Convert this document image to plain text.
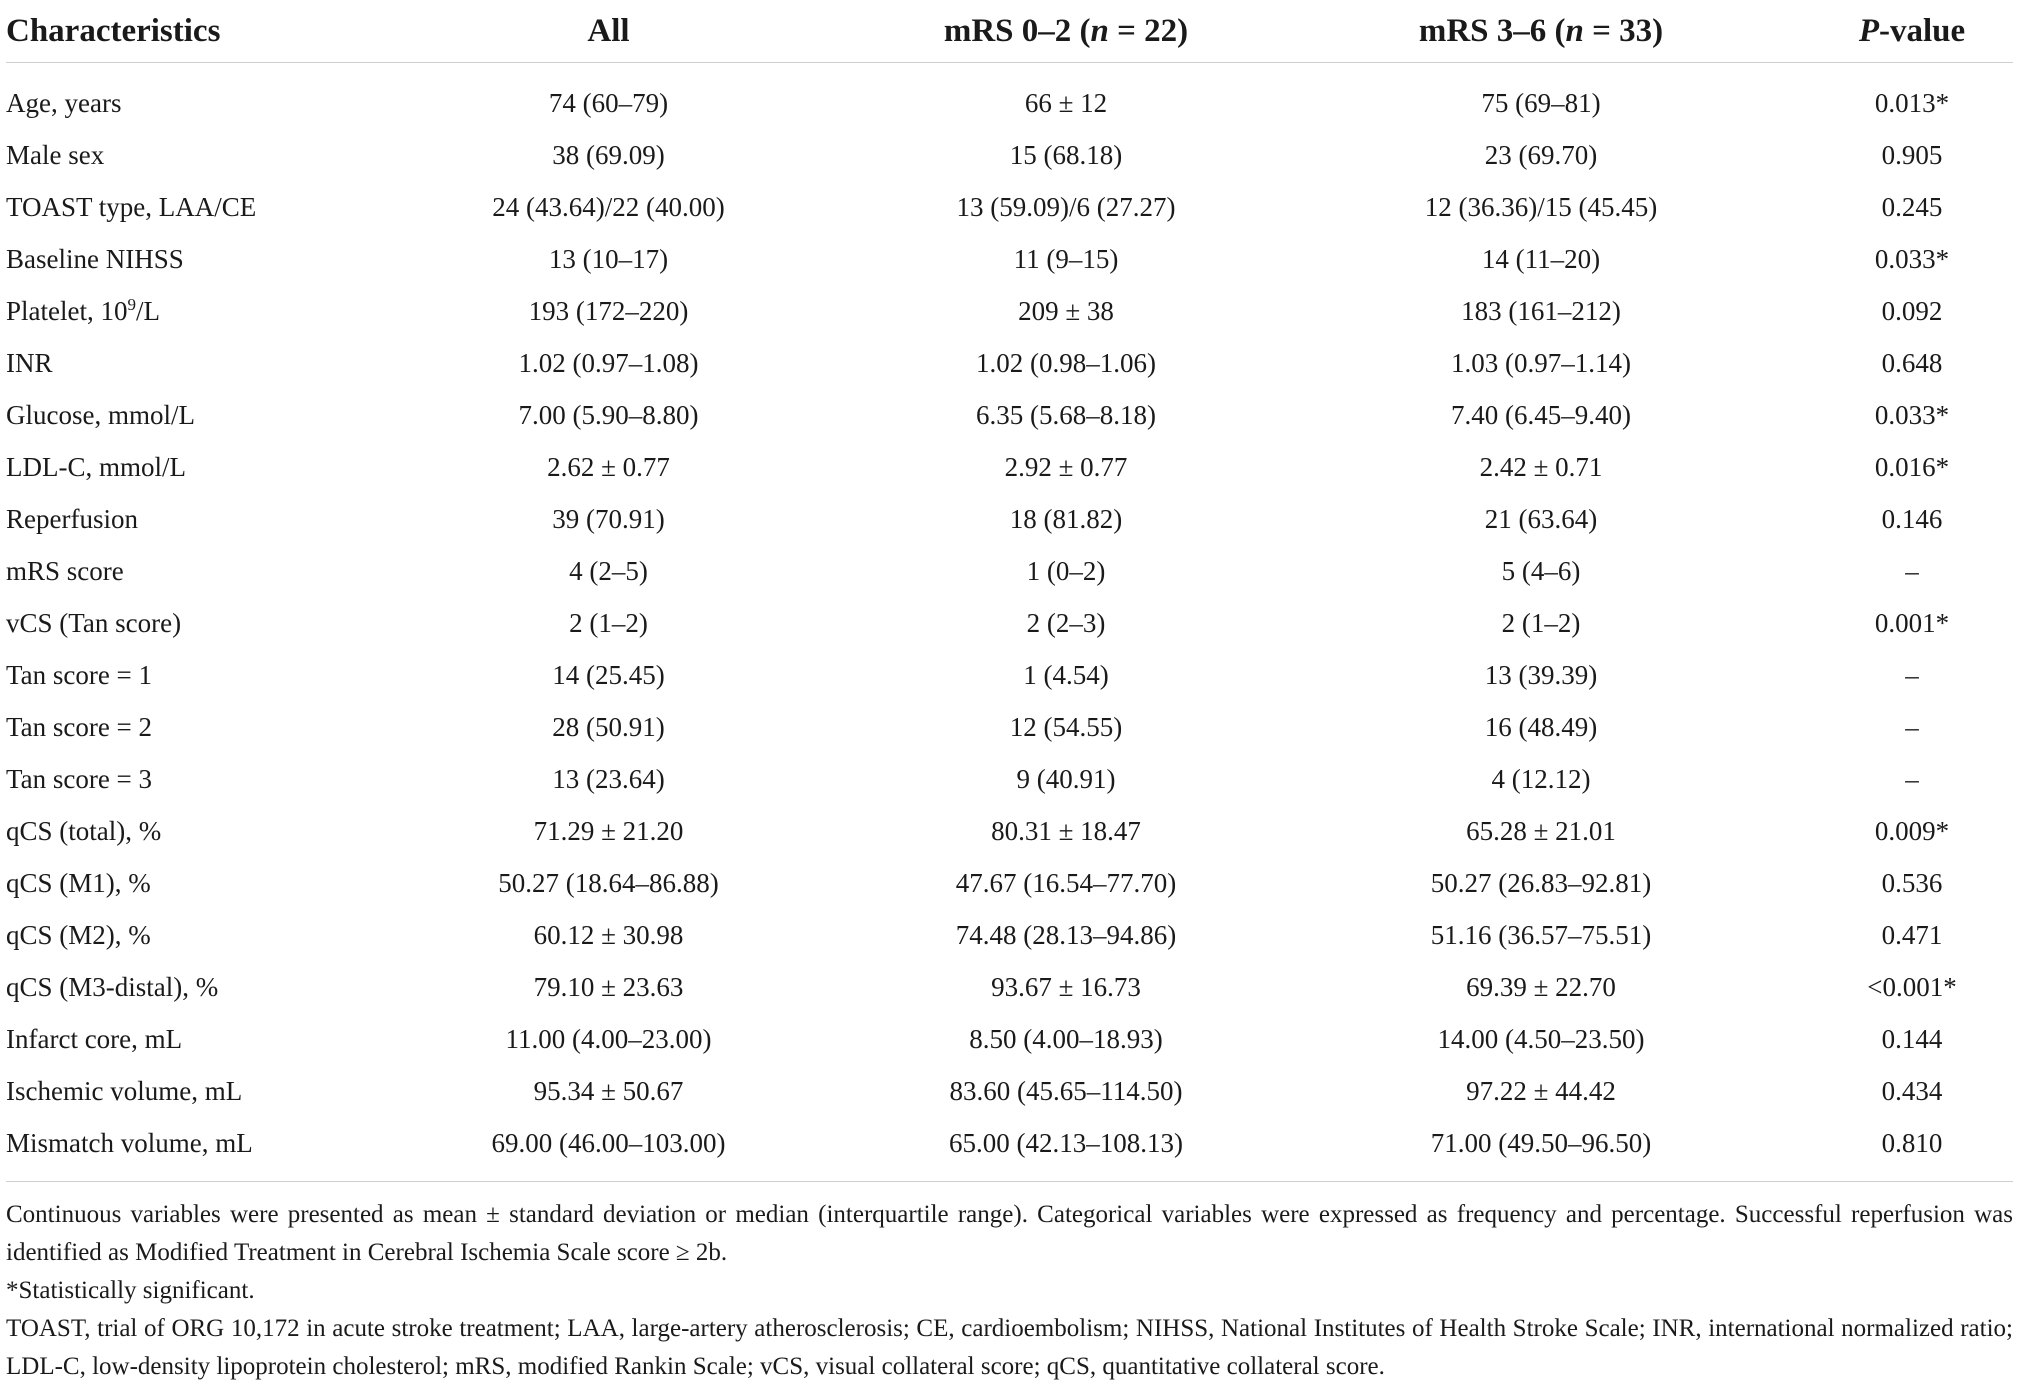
Characteristics	All	mRS 0–2 (n = 22)	mRS 3–6 (n = 33)	P-value
Age, years	74 (60–79)	66 ± 12	75 (69–81)	0.013*
Male sex	38 (69.09)	15 (68.18)	23 (69.70)	0.905
TOAST type, LAA/CE	24 (43.64)/22 (40.00)	13 (59.09)/6 (27.27)	12 (36.36)/15 (45.45)	0.245
Baseline NIHSS	13 (10–17)	11 (9–15)	14 (11–20)	0.033*
Platelet, $10^9/L$	193 (172–220)	209 ± 38	183 (161–212)	0.092
INR	1.02 (0.97–1.08)	1.02 (0.98–1.06)	1.03 (0.97–1.14)	0.648
Glucose, mmol/L	7.00 (5.90–8.80)	6.35 (5.68–8.18)	7.40 (6.45–9.40)	0.033*
LDL-C, mmol/L	2.62 ± 0.77	2.92 ± 0.77	2.42 ± 0.71	0.016*
Reperfusion	39 (70.91)	18 (81.82)	21 (63.64)	0.146
mRS score	4 (2–5)	1 (0–2)	5 (4–6)	–
vCS (Tan score)	2 (1–2)	2 (2–3)	2 (1–2)	0.001*
Tan score = 1	14 (25.45)	1 (4.54)	13 (39.39)	–
Tan score = 2	28 (50.91)	12 (54.55)	16 (48.49)	–
Tan score = 3	13 (23.64)	9 (40.91)	4 (12.12)	–
qCS (total), %	71.29 ± 21.20	80.31 ± 18.47	65.28 ± 21.01	0.009*
qCS (M1), %	50.27 (18.64–86.88)	47.67 (16.54–77.70)	50.27 (26.83–92.81)	0.536
qCS (M2), %	60.12 ± 30.98	74.48 (28.13–94.86)	51.16 (36.57–75.51)	0.471
qCS (M3-distal), %	79.10 ± 23.63	93.67 ± 16.73	69.39 ± 22.70	<0.001*
Infarct core, mL	11.00 (4.00–23.00)	8.50 (4.00–18.93)	14.00 (4.50–23.50)	0.144
Ischemic volume, mL	95.34 ± 50.67	83.60 (45.65–114.50)	97.22 ± 44.42	0.434
Mismatch volume, mL	69.00 (46.00–103.00)	65.00 (42.13–108.13)	71.00 (49.50–96.50)	0.810

Continuous variables were presented as mean ± standard deviation or median (interquartile range). Categorical variables were expressed as frequency and percentage. Successful reperfusion was identified as Modified Treatment in Cerebral Ischemia Scale score ≥ 2b.

*Statistically significant.

TOAST, trial of ORG 10,172 in acute stroke treatment; LAA, large-artery atherosclerosis; CE, cardioembolism; NIHSS, National Institutes of Health Stroke Scale; INR, international normalized ratio; LDL-C, low-density lipoprotein cholesterol; mRS, modified Rankin Scale; vCS, visual collateral score; qCS, quantitative collateral score.
